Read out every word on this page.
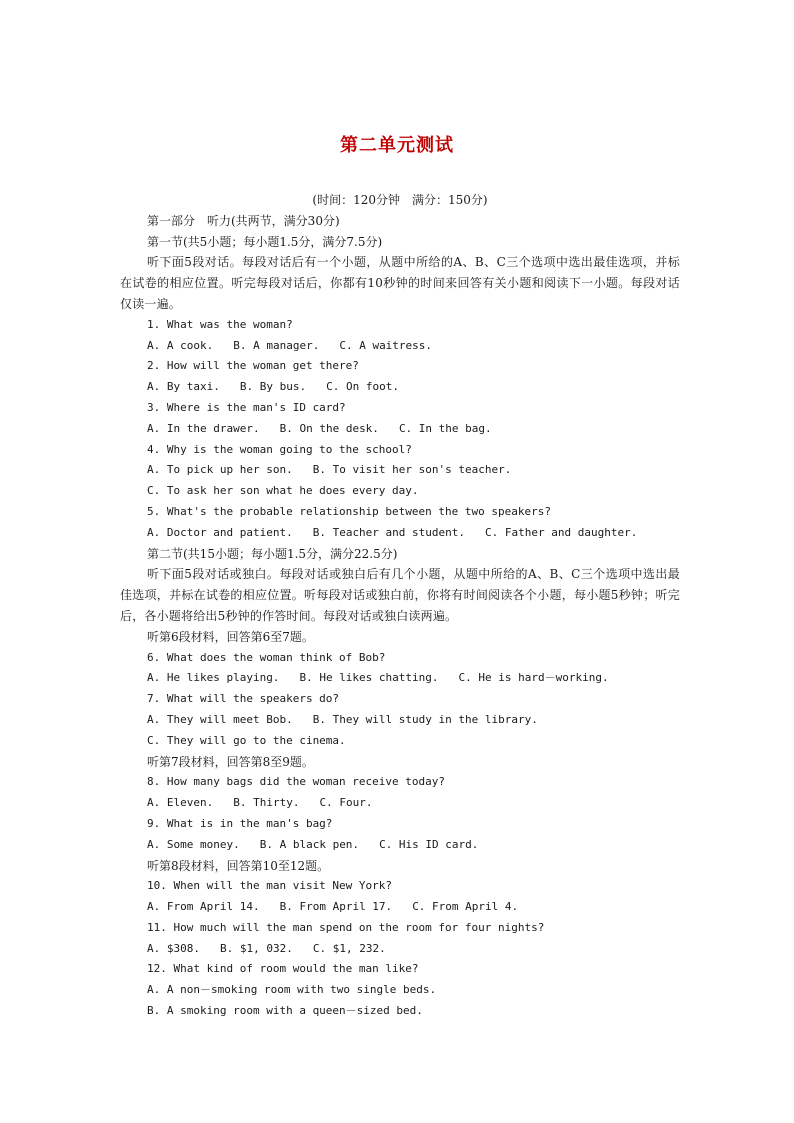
第二单元测试
(时间：120分钟　满分：150分)
第一部分　听力(共两节，满分30分)
第一节(共5小题；每小题1.5分，满分7.5分)
听下面5段对话。每段对话后有一个小题，从题中所给的A、B、C三个选项中选出最佳选项，并标在试卷的相应位置。听完每段对话后，你都有10秒钟的时间来回答有关小题和阅读下一小题。每段对话仅读一遍。
1. What was the woman?
A. A cook. B. A manager. C. A waitress.
2. How will the woman get there?
A. By taxi. B. By bus. C. On foot.
3. Where is the man's ID card?
A. In the drawer. B. On the desk. C. In the bag.
4. Why is the woman going to the school?
A. To pick up her son. B. To visit her son's teacher.
C. To ask her son what he does every day.
5. What's the probable relationship between the two speakers?
A. Doctor and patient. B. Teacher and student. C. Father and daughter.
第二节(共15小题；每小题1.5分，满分22.5分)
听下面5段对话或独白。每段对话或独白后有几个小题，从题中所给的A、B、C三个选项中选出最佳选项，并标在试卷的相应位置。听每段对话或独白前，你将有时间阅读各个小题，每小题5秒钟；听完后，各小题将给出5秒钟的作答时间。每段对话或独白读两遍。
听第6段材料，回答第6至7题。
6. What does the woman think of Bob?
A. He likes playing. B. He likes chatting. C. He is hard－working.
7. What will the speakers do?
A. They will meet Bob. B. They will study in the library.
C. They will go to the cinema.
听第7段材料，回答第8至9题。
8. How many bags did the woman receive today?
A. Eleven. B. Thirty. C. Four.
9. What is in the man's bag?
A. Some money. B. A black pen. C. His ID card.
听第8段材料，回答第10至12题。
10. When will the man visit New York?
A. From April 14. B. From April 17. C. From April 4.
11. How much will the man spend on the room for four nights?
A. $308. B. $1, 032. C. $1, 232.
12. What kind of room would the man like?
A. A non－smoking room with two single beds.
B. A smoking room with a queen－sized bed.
